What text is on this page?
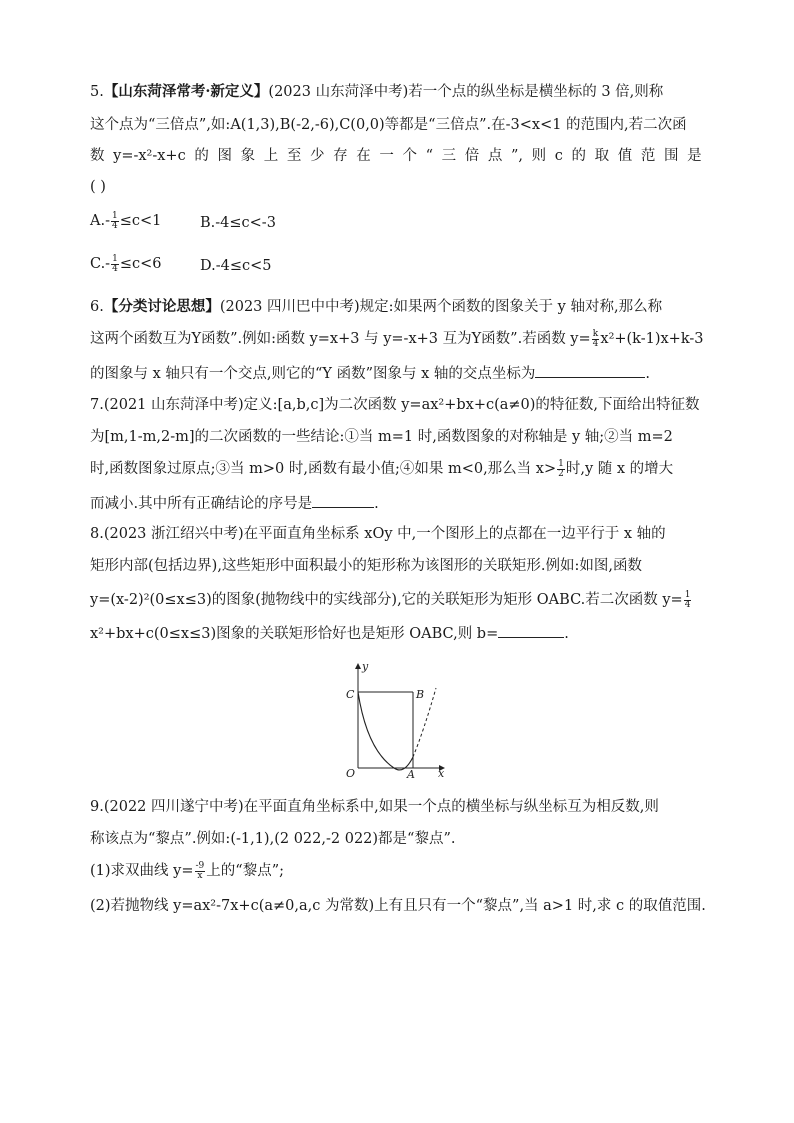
5.【山东菏泽常考·新定义】(2023 山东菏泽中考)若一个点的纵坐标是横坐标的 3 倍,则称
这个点为“三倍点”,如:A(1,3),B(-2,-6),C(0,0)等都是“三倍点”.在-3<x<1 的范围内,若二次函
数 y=-x²-x+c 的 图 象 上 至 少 存 在 一 个 “ 三 倍 点 ”, 则 c 的 取 值 范 围 是
( )
$A.- \frac{1}{4} \le c<1$	B.-4≤c<-3
$C.- \frac{1}{4} \le c<6$	D.-4≤c<5
6.【分类讨论思想】(2023 四川巴中中考)规定:如果两个函数的图象关于 y 轴对称,那么称
这两个函数互为Y函数”.例如:函数 y=x+3 与 y=-x+3 互为Y函数”.若函数 $y= \frac{k}{4} x^2+(k-1)x+k-3$
的图象与 x 轴只有一个交点,则它的“Y 函数”图象与 x 轴的交点坐标为	.
7.(2021 山东菏泽中考)定义:[a,b,c]为二次函数 y=ax²+bx+c(a≠0)的特征数,下面给出特征数
为[m,1-m,2-m]的二次函数的一些结论:①当 m=1 时,函数图象的对称轴是 y 轴;②当 m=2
时,函数图象过原点;③当 m>0 时,函数有最小值;④如果 m<0,那么当 $x> \frac{1}{2}$ 时,y 随 x 的增大
而减小.其中所有正确结论的序号是	.
8.(2023 浙江绍兴中考)在平面直角坐标系 xOy 中,一个图形上的点都在一边平行于 x 轴的
矩形内部(包括边界),这些矩形中面积最小的矩形称为该图形的关联矩形.例如:如图,函数
y=(x-2)²(0≤x≤3)的图象(抛物线中的实线部分),它的关联矩形为矩形 OABC.若二次函数 $y= \frac{1}{4}$
x²+bx+c(0≤x≤3)图象的关联矩形恰好也是矩形 OABC,则 b=	.
9.(2022 四川遂宁中考)在平面直角坐标系中,如果一个点的横坐标与纵坐标互为相反数,则
称该点为“黎点”.例如:(-1,1),(2 022,-2 022)都是“黎点”.
(1)求双曲线 $y= \frac{-9}{x}$ 上的“黎点”;
(2)若抛物线 y=ax²-7x+c(a≠0,a,c 为常数)上有且只有一个“黎点”,当 a>1 时,求 c 的取值范围.
y
x
O	A
B
C
